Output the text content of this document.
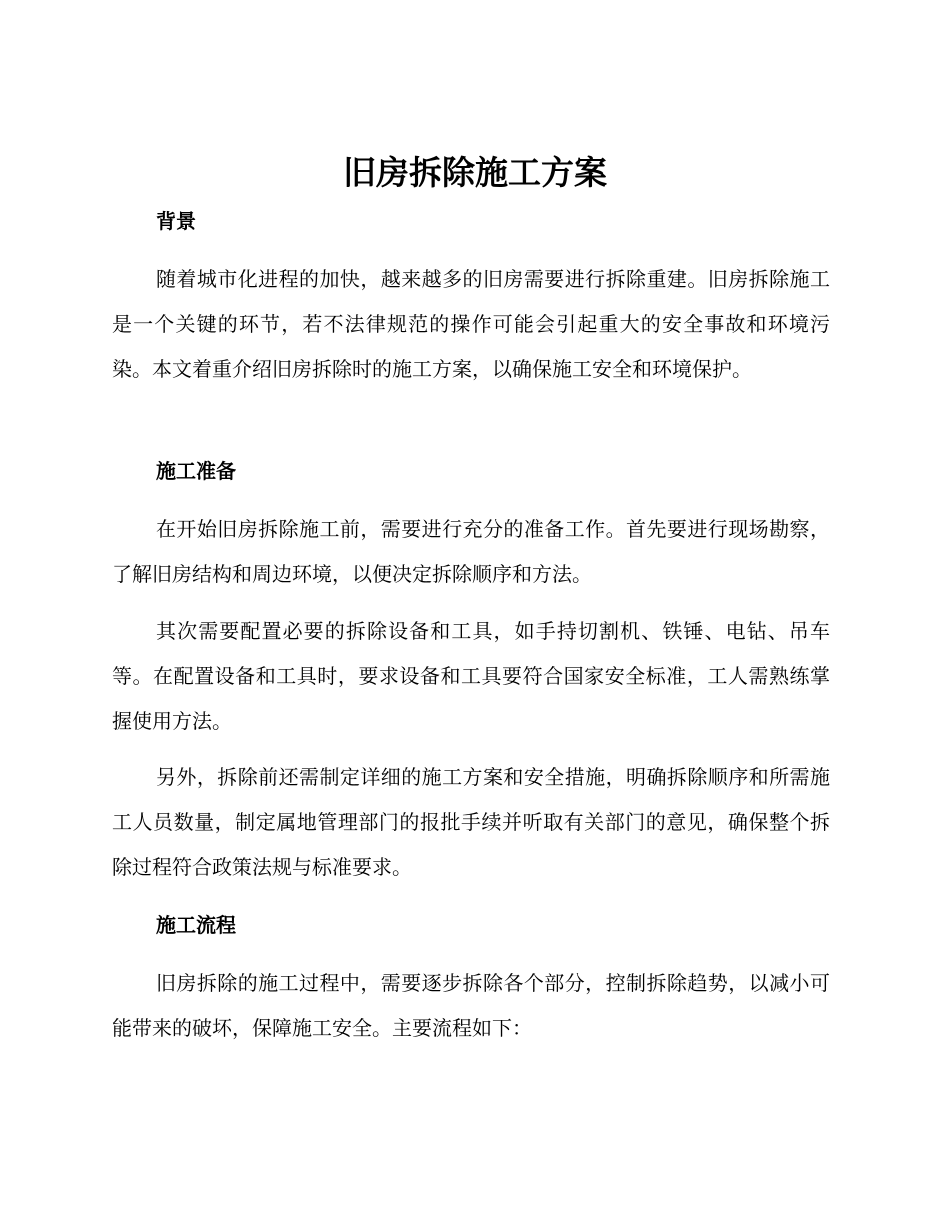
旧房拆除施工方案
背景

随着城市化进程的加快，越来越多的旧房需要进行拆除重建。旧房拆除施工是一个关键的环节，若不法律规范的操作可能会引起重大的安全事故和环境污染。本文着重介绍旧房拆除时的施工方案，以确保施工安全和环境保护。

施工准备

在开始旧房拆除施工前，需要进行充分的准备工作。首先要进行现场勘察，了解旧房结构和周边环境，以便决定拆除顺序和方法。

其次需要配置必要的拆除设备和工具，如手持切割机、铁锤、电钻、吊车等。在配置设备和工具时，要求设备和工具要符合国家安全标准，工人需熟练掌握使用方法。

另外，拆除前还需制定详细的施工方案和安全措施，明确拆除顺序和所需施工人员数量，制定属地管理部门的报批手续并听取有关部门的意见，确保整个拆除过程符合政策法规与标准要求。

施工流程

旧房拆除的施工过程中，需要逐步拆除各个部分，控制拆除趋势，以减小可能带来的破坏，保障施工安全。主要流程如下：
